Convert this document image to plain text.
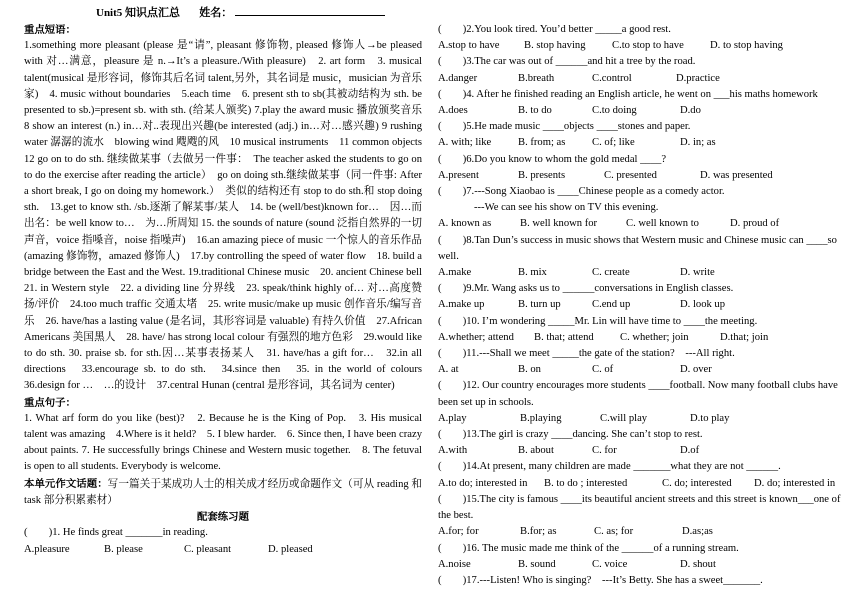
Unit5 知识点汇总 姓名：
重点短语：

1.something more pleasant (please 是“请”, pleasant 修饰物, pleased 修饰人→be pleased with 对…满意，pleasure 是 n.→It’s a pleasure./With pleasure)　2. art form　3. musical talent(musical 是形容词，修饰其后名词 talent,另外，其名词是 music，musician 为音乐家)　4. music without boundaries　5.each time　6. present sth to sb(其被动结构为 sth. be presented to sb.)=present sb. with sth. (给某人颁奖) 7.play the award music 播放颁奖音乐　8 show an interest (n.) in…对..表现出兴趣(be interested (adj.) in…对…感兴趣) 9 rushing water 潺潺的流水　blowing wind 飕飕的风　10 musical instruments　11 common objects　12 go on to do sth. 继续做某事（去做另一件事：　The teacher asked the students to go on to do the exercise after reading the article）　go on doing sth.继续做某事（同一件事: After a short break, I go on doing my homework.）　类似的结构还有 stop to do sth.和 stop doing sth.　13.get to know sth. /sb.逐渐了解某事/某人　14. be (well/best)known for…　因…而出名：be well know to…　为…所周知 15. the sounds of nature (sound 泛指自然界的一切声音，voice 指嗓音，noise 指噪声)　16.an amazing piece of music 一个惊人的音乐作品 (amazing 修饰物，amazed 修饰人)　17.by controlling the speed of water flow　18. build a bridge between the East and the West. 19.traditional Chinese music　20. ancient Chinese bell　21. in Western style　22. a dividing line 分界线　23. speak/think highly of… 对…高度赞扬/评价　24.too much traffic 交通太堵　25. write music/make up music 创作音乐/编写音乐　26. have/has a lasting value (是名词，其形容词是 valuable) 有持久价值　27.African Americans 美国黑人　28. have/ has strong local colour 有强烈的地方色彩　29.would like to do sth. 30. praise sb. for sth.因…某事表扬某人　31. have/has a gift for…　32.in all directions　33.encourage sb. to do sth.　34.since then　35. in the world of colours　36.design for …　…的设计　37.central Hunan (central 是形容词，其名词为 center)

重点句子：

1. What arf form do you like (best)?　2. Because he is the King of Pop.　3. His musical talent was amazing　4.Where is it held?　5. I blew harder.　6. Since then, I have been crazy about paints. 7. He successfully brings Chinese and Western music together.　8. The fetuval is open to all students. Everybody is welcome.

本单元作文话题：写一篇关于某成功人士的相关成才经历或命题作文（可从 reading 和 task 部分积累素材）

配套练习题
(　　)1. He finds great _______in reading.
A.pleasure	B. please	C. pleasant	D. pleased
(　　)2.You look tired. You’d better _____a good rest.
A.stop to have	B. stop having	C.to stop to have	D. to stop having
(　　)3.The car was out of ______and hit a tree by the road.
A.danger	B.breath	C.control	D.practice
(　　)4. After he finished reading an English article, he went on ___his maths homework
A.does	B. to do	C.to doing	D.do
(　　)5.He made music ____objects ____stones and paper.
A. with; like	B. from; as	C. of; like	D. in; as
(　　)6.Do you know to whom the gold medal ____?
A.present	B. presents	C. presented	D. was presented
(　　)7.---Song Xiaobao is ____Chinese people as a comedy actor.
---We can see his show on TV this evening.
A. known as	B. well known for	C. well known to	D. proud of
(　　)8.Tan Dun’s success in music shows that Western music and Chinese music can ____so well.
A.make	B. mix	C. create	D. write
(　　)9.Mr. Wang asks us to ______conversations in English classes.
A.make up	B. turn up	C.end up	D. look up
(　　)10. I’m wondering _____Mr. Lin will have time to ____the meeting.
A.whether; attend	B. that; attend	C. whether; join	D.that; join
(　　)11.---Shall we meet _____the gate of the station?　---All right.
A. at	B. on	C. of	D. over
(　　)12. Our country encourages more students ____football. Now many football clubs have been set up in schools.
A.play	B.playing	C.will play	D.to play
(　　)13.The girl is crazy ____dancing. She can’t stop to rest.
A.with	B. about	C. for	D.of
(　　)14.At present, many children are made _______what they are not ______.
A.to do; interested in	B. to do ; interested	C. do; interested	D. do; interested in
(　　)15.The city is famous ____its beautiful ancient streets and this street is known___one of the best.
A.for; for	B.for; as	C. as; for	D.as;as
(　　)16. The music made me think of the ______of a running stream.
A.noise	B. sound	C. voice	D. shout
(　　)17.---Listen! Who is singing?　---It’s Betty. She has a sweet_______.
